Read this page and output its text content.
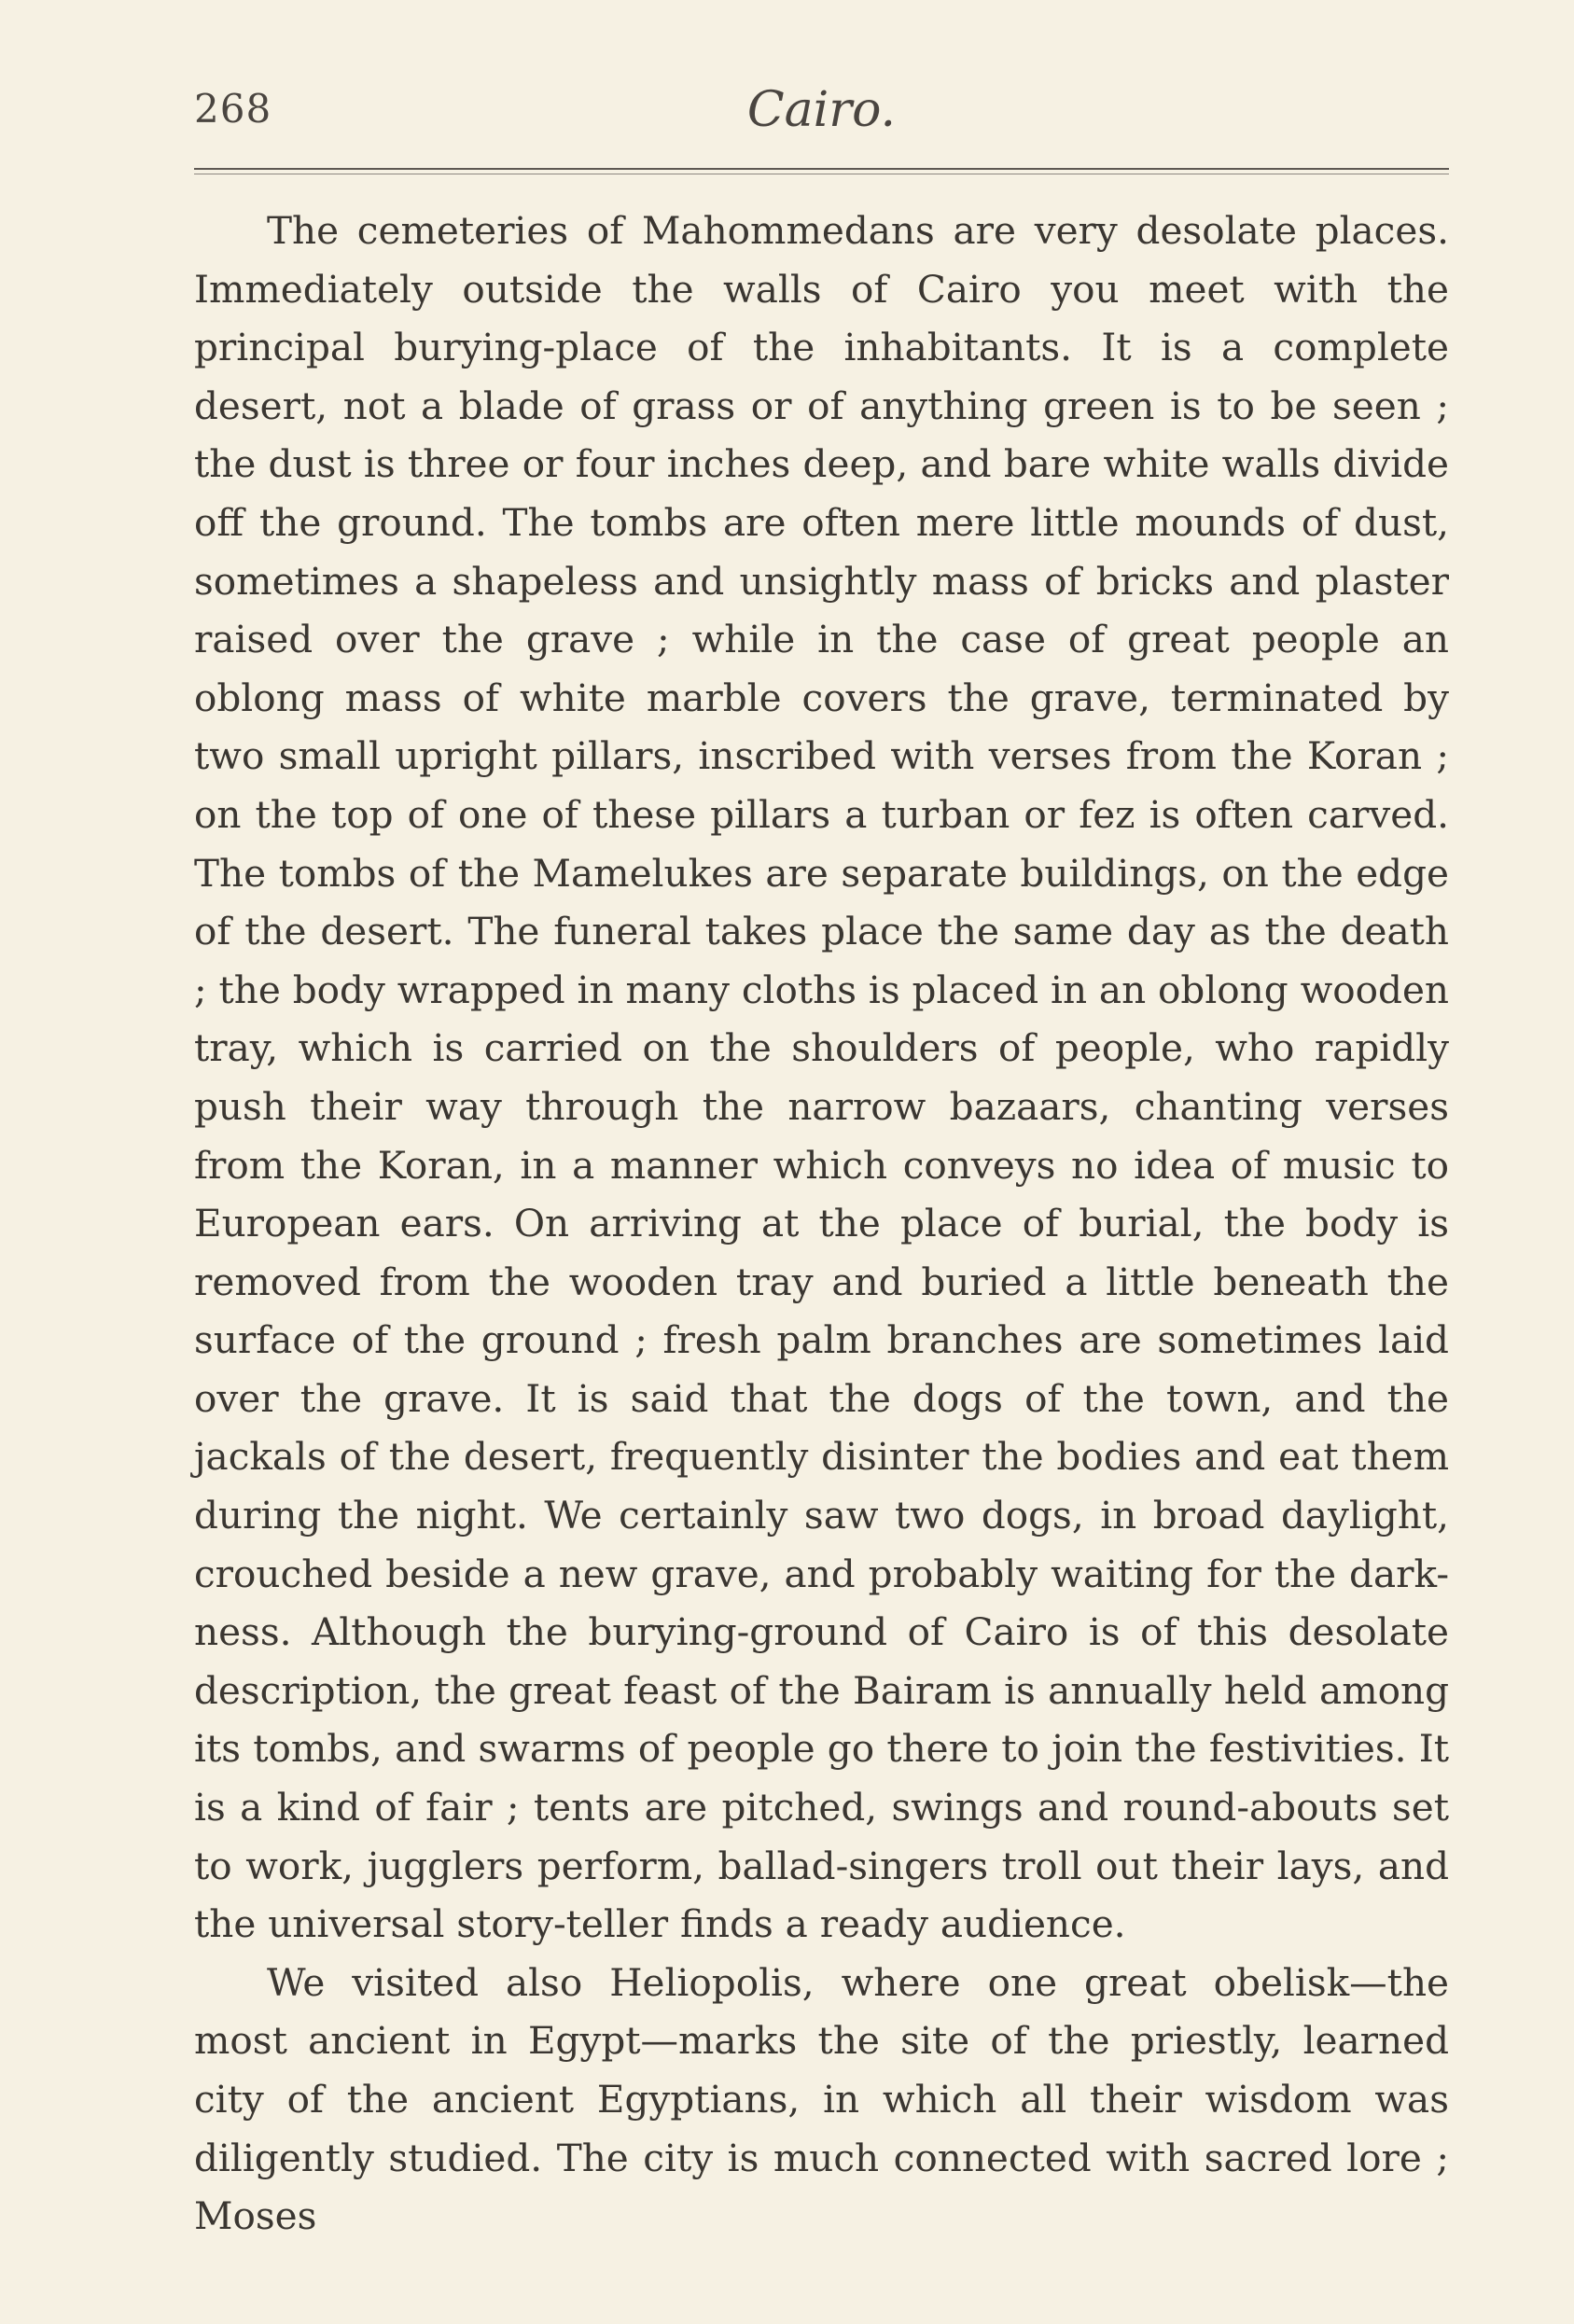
268	Cairo.

The cemeteries of Mahommedans are very desolate places. Immediately outside the walls of Cairo you meet with the principal burying-place of the inhabitants. It is a complete desert, not a blade of grass or of anything green is to be seen ; the dust is three or four inches deep, and bare white walls divide off the ground. The tombs are often mere little mounds of dust, sometimes a shapeless and unsightly mass of bricks and plaster raised over the grave ; while in the case of great people an oblong mass of white marble covers the grave, terminated by two small upright pillars, inscribed with verses from the Koran ; on the top of one of these pillars a turban or fez is often carved. The tombs of the Mamelukes are separate buildings, on the edge of the desert. The funeral takes place the same day as the death ; the body wrapped in many cloths is placed in an oblong wooden tray, which is carried on the shoulders of people, who rapidly push their way through the narrow bazaars, chanting verses from the Koran, in a manner which conveys no idea of music to European ears. On arriving at the place of burial, the body is removed from the wooden tray and buried a little beneath the surface of the ground ; fresh palm branches are sometimes laid over the grave. It is said that the dogs of the town, and the jackals of the desert, frequently disinter the bodies and eat them during the night. We certainly saw two dogs, in broad daylight, crouched beside a new grave, and probably waiting for the dark-ness. Although the burying-ground of Cairo is of this desolate description, the great feast of the Bairam is annually held among its tombs, and swarms of people go there to join the festivities. It is a kind of fair ; tents are pitched, swings and round-abouts set to work, jugglers perform, ballad-singers troll out their lays, and the universal story-teller finds a ready audience.

We visited also Heliopolis, where one great obelisk—the most ancient in Egypt—marks the site of the priestly, learned city of the ancient Egyptians, in which all their wisdom was diligently studied. The city is much connected with sacred lore ; Moses
